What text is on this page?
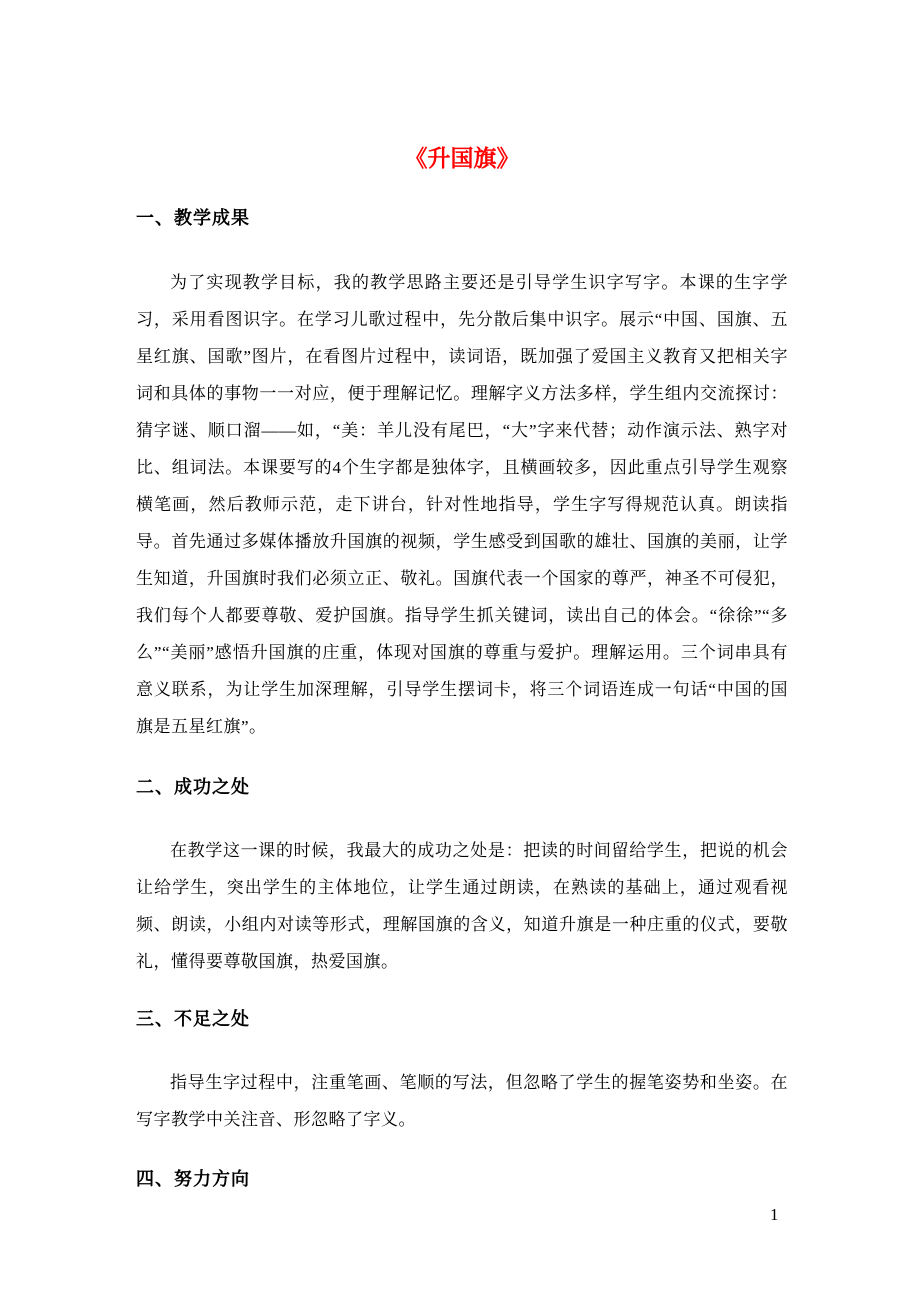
《升国旗》
一、教学成果

为了实现教学目标，我的教学思路主要还是引导学生识字写字。本课的生字学习，采用看图识字。在学习儿歌过程中，先分散后集中识字。展示“中国、国旗、五星红旗、国歌”图片，在看图片过程中，读词语，既加强了爱国主义教育又把相关字词和具体的事物一一对应，便于理解记忆。理解字义方法多样，学生组内交流探讨：猜字谜、顺口溜——如，“美：羊儿没有尾巴，“大”字来代替；动作演示法、熟字对比、组词法。本课要写的4个生字都是独体字，且横画较多，因此重点引导学生观察横笔画，然后教师示范，走下讲台，针对性地指导，学生字写得规范认真。朗读指导。首先通过多媒体播放升国旗的视频，学生感受到国歌的雄壮、国旗的美丽，让学生知道，升国旗时我们必须立正、敬礼。国旗代表一个国家的尊严，神圣不可侵犯，我们每个人都要尊敬、爱护国旗。指导学生抓关键词，读出自己的体会。“徐徐”“多么”“美丽”感悟升国旗的庄重，体现对国旗的尊重与爱护。理解运用。三个词串具有意义联系，为让学生加深理解，引导学生摆词卡，将三个词语连成一句话“中国的国旗是五星红旗”。

二、成功之处

在教学这一课的时候，我最大的成功之处是：把读的时间留给学生，把说的机会让给学生，突出学生的主体地位，让学生通过朗读，在熟读的基础上，通过观看视频、朗读，小组内对读等形式，理解国旗的含义，知道升旗是一种庄重的仪式，要敬礼，懂得要尊敬国旗，热爱国旗。

三、不足之处

指导生字过程中，注重笔画、笔顺的写法，但忽略了学生的握笔姿势和坐姿。在写字教学中关注音、形忽略了字义。

四、努力方向
1
